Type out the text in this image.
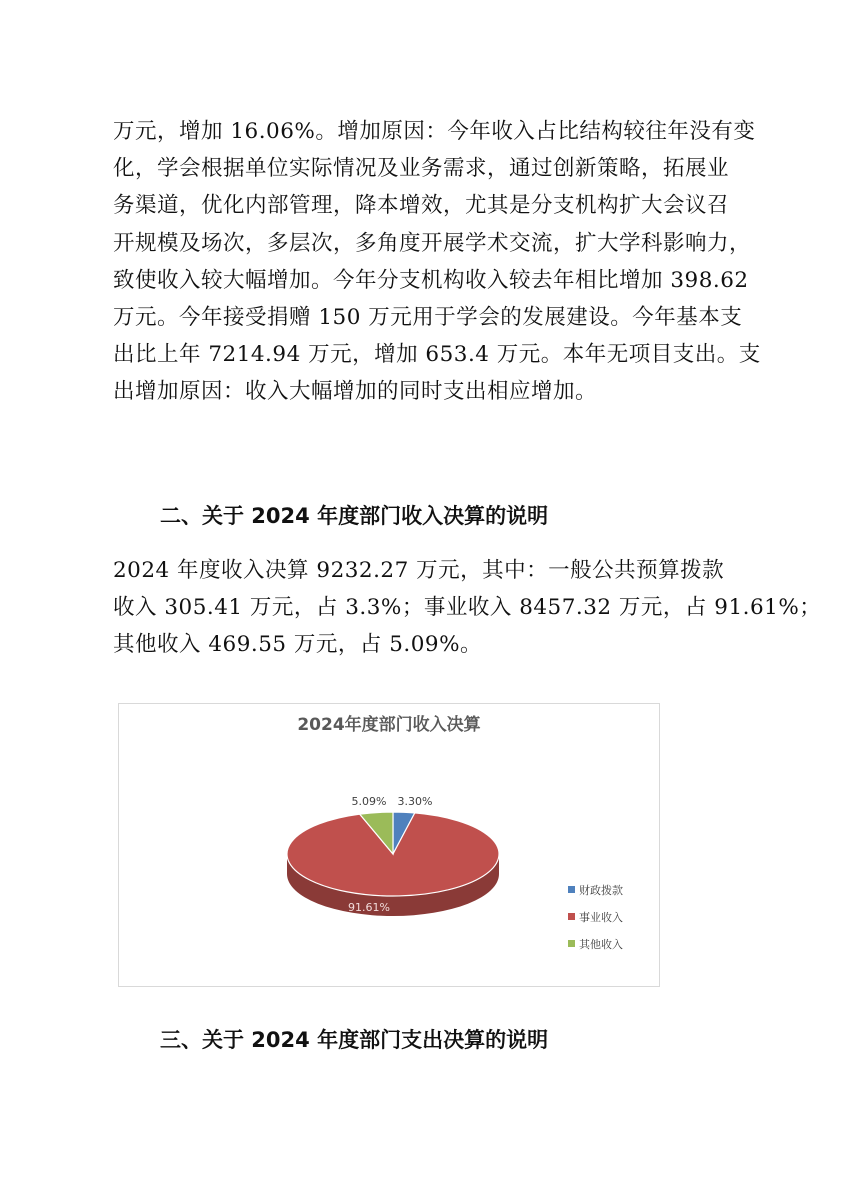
万元，增加 16.06%。增加原因：今年收入占比结构较往年没有变
化，学会根据单位实际情况及业务需求，通过创新策略，拓展业
务渠道，优化内部管理，降本增效，尤其是分支机构扩大会议召
开规模及场次，多层次，多角度开展学术交流，扩大学科影响力，
致使收入较大幅增加。今年分支机构收入较去年相比增加 398.62
万元。今年接受捐赠 150 万元用于学会的发展建设。今年基本支
出比上年 7214.94 万元，增加 653.4 万元。本年无项目支出。支
出增加原因：收入大幅增加的同时支出相应增加。
二、关于 2024 年度部门收入决算的说明
2024 年度收入决算 9232.27 万元，其中：一般公共预算拨款
收入 305.41 万元，占 3.3%；事业收入 8457.32 万元，占 91.61%；
其他收入 469.55 万元，占 5.09%。
2024年度部门收入决算
3.30%
91.61%
5.09%
财政拨款
事业收入
其他收入
三、关于 2024 年度部门支出决算的说明
